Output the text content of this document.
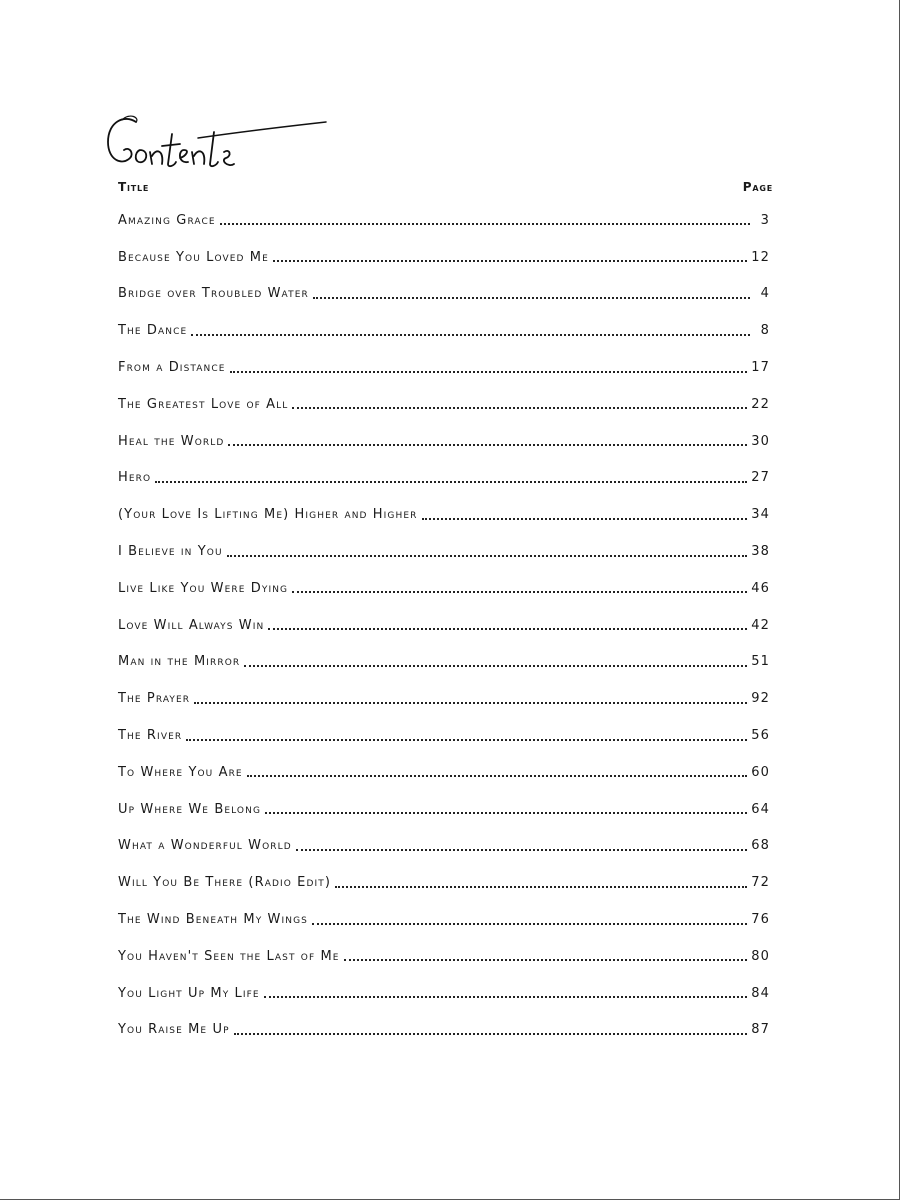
Title	Page
Amazing Grace	3
Because You Loved Me	12
Bridge over Troubled Water	4
The Dance	8
From a Distance	17
The Greatest Love of All	22
Heal the World	30
Hero	27
(Your Love Is Lifting Me) Higher and Higher	34
I Believe in You	38
Live Like You Were Dying	46
Love Will Always Win	42
Man in the Mirror	51
The Prayer	92
The River	56
To Where You Are	60
Up Where We Belong	64
What a Wonderful World	68
Will You Be There (Radio Edit)	72
The Wind Beneath My Wings	76
You Haven't Seen the Last of Me	80
You Light Up My Life	84
You Raise Me Up	87
